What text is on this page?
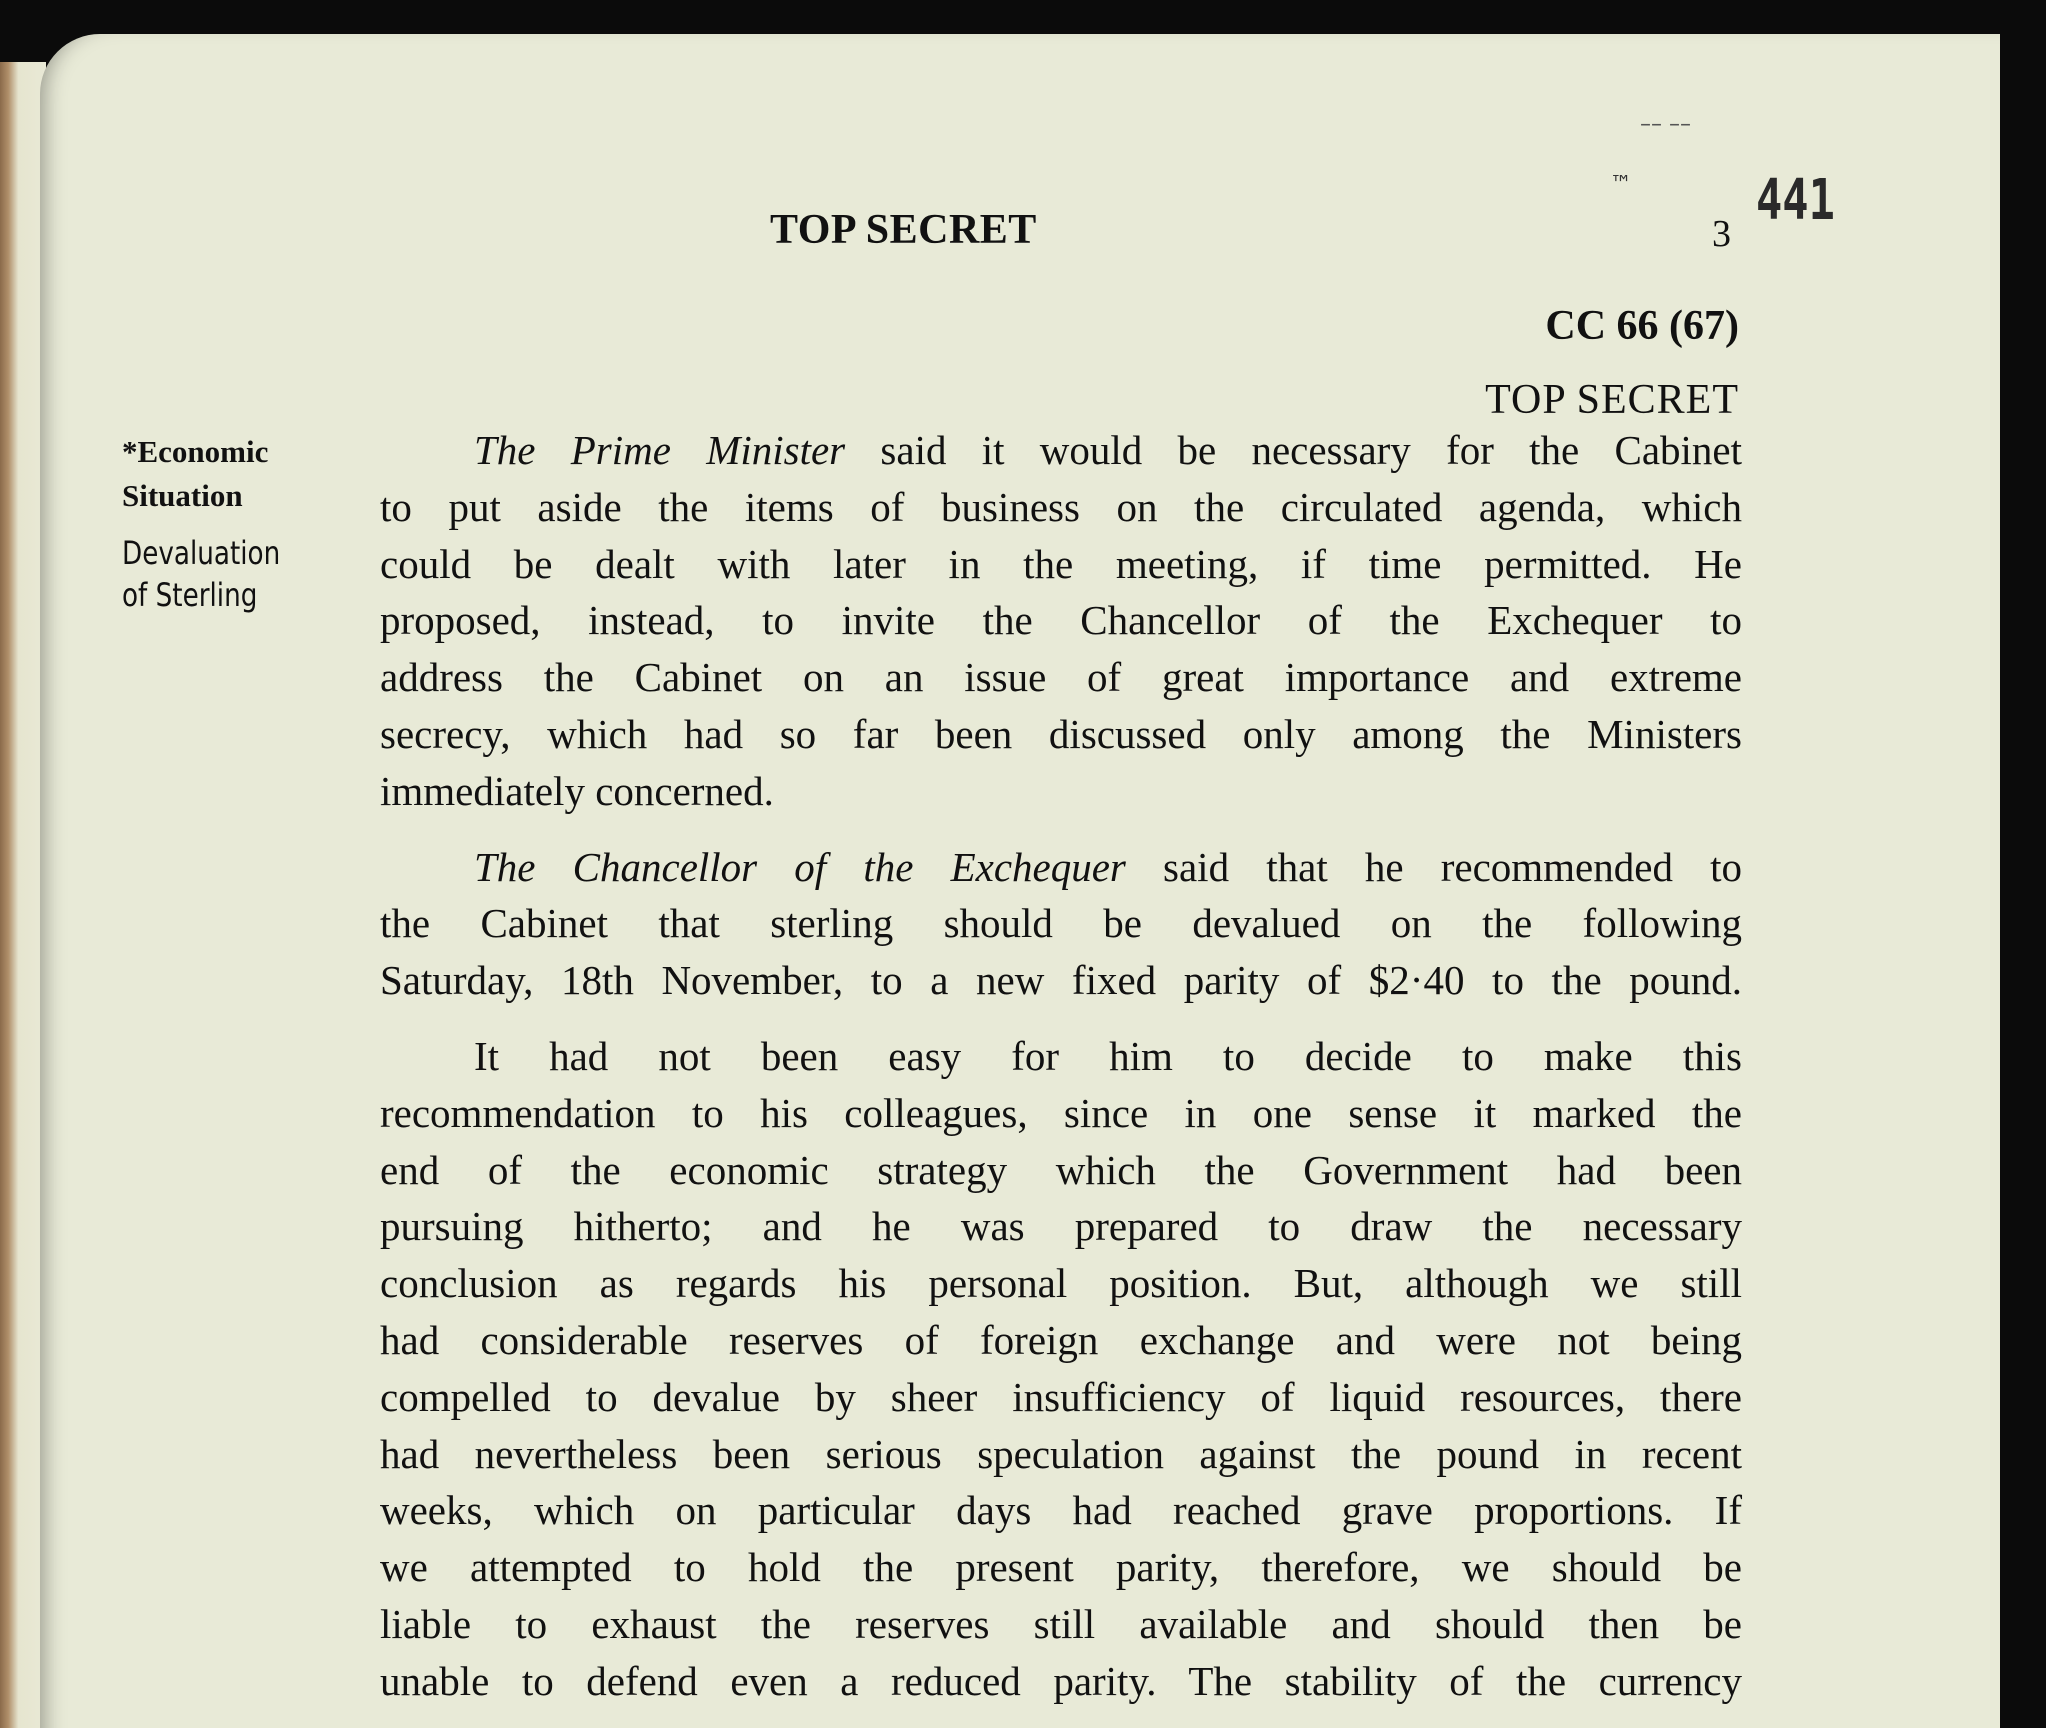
–– ––
™
TOP SECRET	3
441
CC 66 (67)
TOP SECRET

*Economic
Situation

Devaluation
of Sterling

The Prime Minister said it would be necessary for the Cabinet
to put aside the items of business on the circulated agenda, which
could be dealt with later in the meeting, if time permitted. He
proposed, instead, to invite the Chancellor of the Exchequer to
address the Cabinet on an issue of great importance and extreme
secrecy, which had so far been discussed only among the Ministers
immediately concerned.

The Chancellor of the Exchequer said that he recommended to
the Cabinet that sterling should be devalued on the following
Saturday, 18th November, to a new fixed parity of $2·40 to the pound.

It had not been easy for him to decide to make this
recommendation to his colleagues, since in one sense it marked the
end of the economic strategy which the Government had been
pursuing hitherto; and he was prepared to draw the necessary
conclusion as regards his personal position. But, although we still
had considerable reserves of foreign exchange and were not being
compelled to devalue by sheer insufficiency of liquid resources, there
had nevertheless been serious speculation against the pound in recent
weeks, which on particular days had reached grave proportions. If
we attempted to hold the present parity, therefore, we should be
liable to exhaust the reserves still available and should then be
unable to defend even a reduced parity. The stability of the currency
